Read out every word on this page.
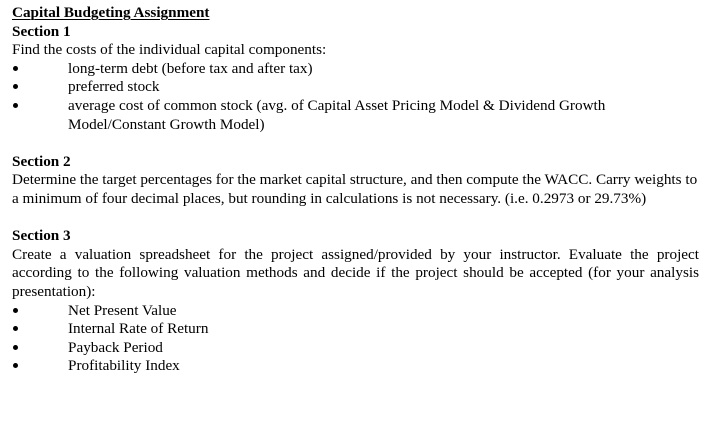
Capital Budgeting Assignment
Section 1

Find the costs of the individual capital components:

long-term debt (before tax and after tax)
preferred stock
average cost of common stock (avg. of Capital Asset Pricing Model & Dividend Growth Model/Constant Growth Model)
Section 2

Determine the target percentages for the market capital structure, and then compute the WACC. Carry weights to a minimum of four decimal places, but rounding in calculations is not necessary. (i.e. 0.2973 or 29.73%)

Section 3

Create a valuation spreadsheet for the project assigned/provided by your instructor. Evaluate the project according to the following valuation methods and decide if the project should be accepted (for your analysis presentation):

Net Present Value
Internal Rate of Return
Payback Period
Profitability Index
